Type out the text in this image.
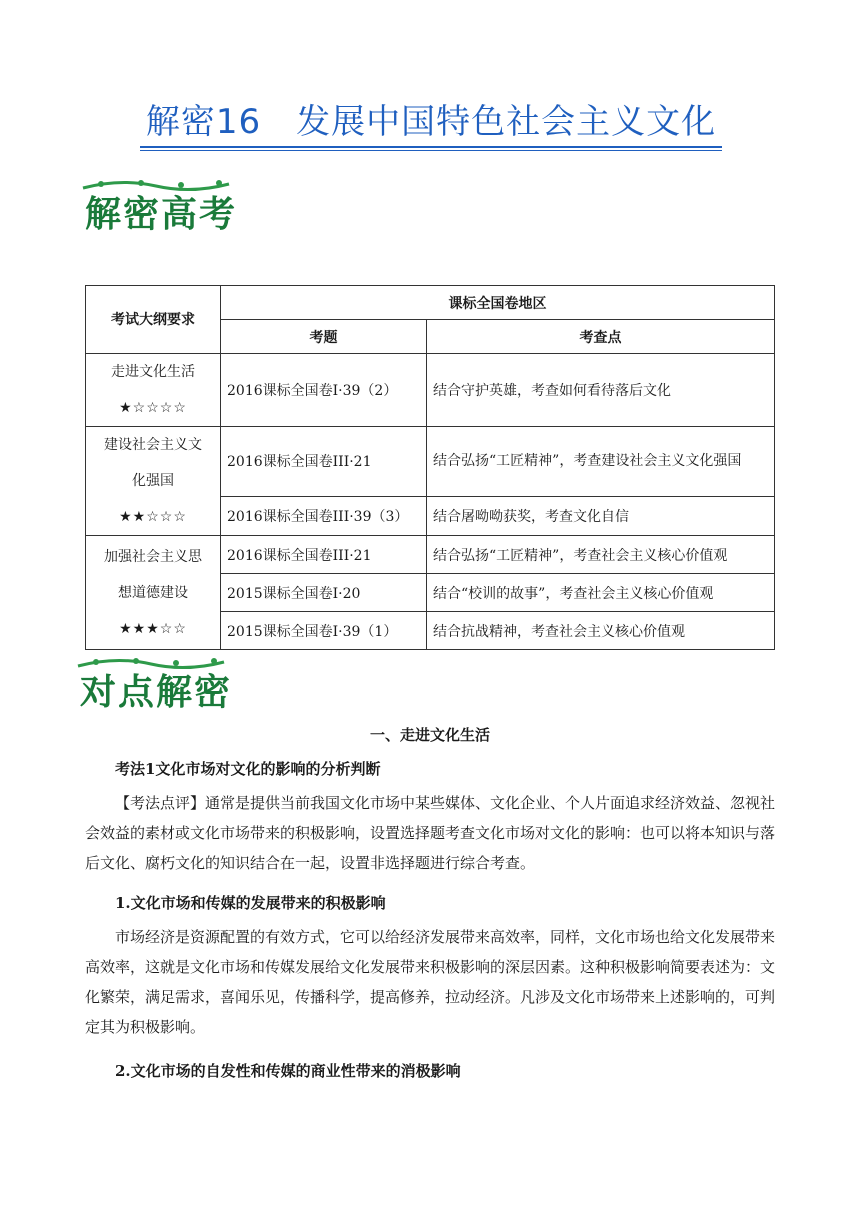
解密16　发展中国特色社会主义文化
解密高考
考试大纲要求	课标全国卷地区	
	考题	考查点

走进文化生活
★☆☆☆☆	2016课标全国卷Ⅰ·39（2）	结合守护英雄，考查如何看待落后文化

建设社会主义文
化强国
★★☆☆☆	2016课标全国卷III·21	结合弘扬“工匠精神”，考查建设社会主义文化强国
	2016课标全国卷III·39（3）	结合屠呦呦获奖，考查文化自信

加强社会主义思
想道德建设
★★★☆☆	2016课标全国卷III·21	结合弘扬“工匠精神”，考查社会主义核心价值观
	2015课标全国卷Ⅰ·20	结合“校训的故事”，考查社会主义核心价值观
	2015课标全国卷Ⅰ·39（1）	结合抗战精神，考查社会主义核心价值观
对点解密
一、走进文化生活
考法1文化市场对文化的影响的分析判断
【考法点评】通常是提供当前我国文化市场中某些媒体、文化企业、个人片面追求经济效益、忽视社会效益的素材或文化市场带来的积极影响，设置选择题考查文化市场对文化的影响：也可以将本知识与落后文化、腐朽文化的知识结合在一起，设置非选择题进行综合考查。
1.文化市场和传媒的发展带来的积极影响
市场经济是资源配置的有效方式，它可以给经济发展带来高效率，同样，文化市场也给文化发展带来高效率，这就是文化市场和传媒发展给文化发展带来积极影响的深层因素。这种积极影响简要表述为：文化繁荣，满足需求，喜闻乐见，传播科学，提高修养，拉动经济。凡涉及文化市场带来上述影响的，可判定其为积极影响。
2.文化市场的自发性和传媒的商业性带来的消极影响
